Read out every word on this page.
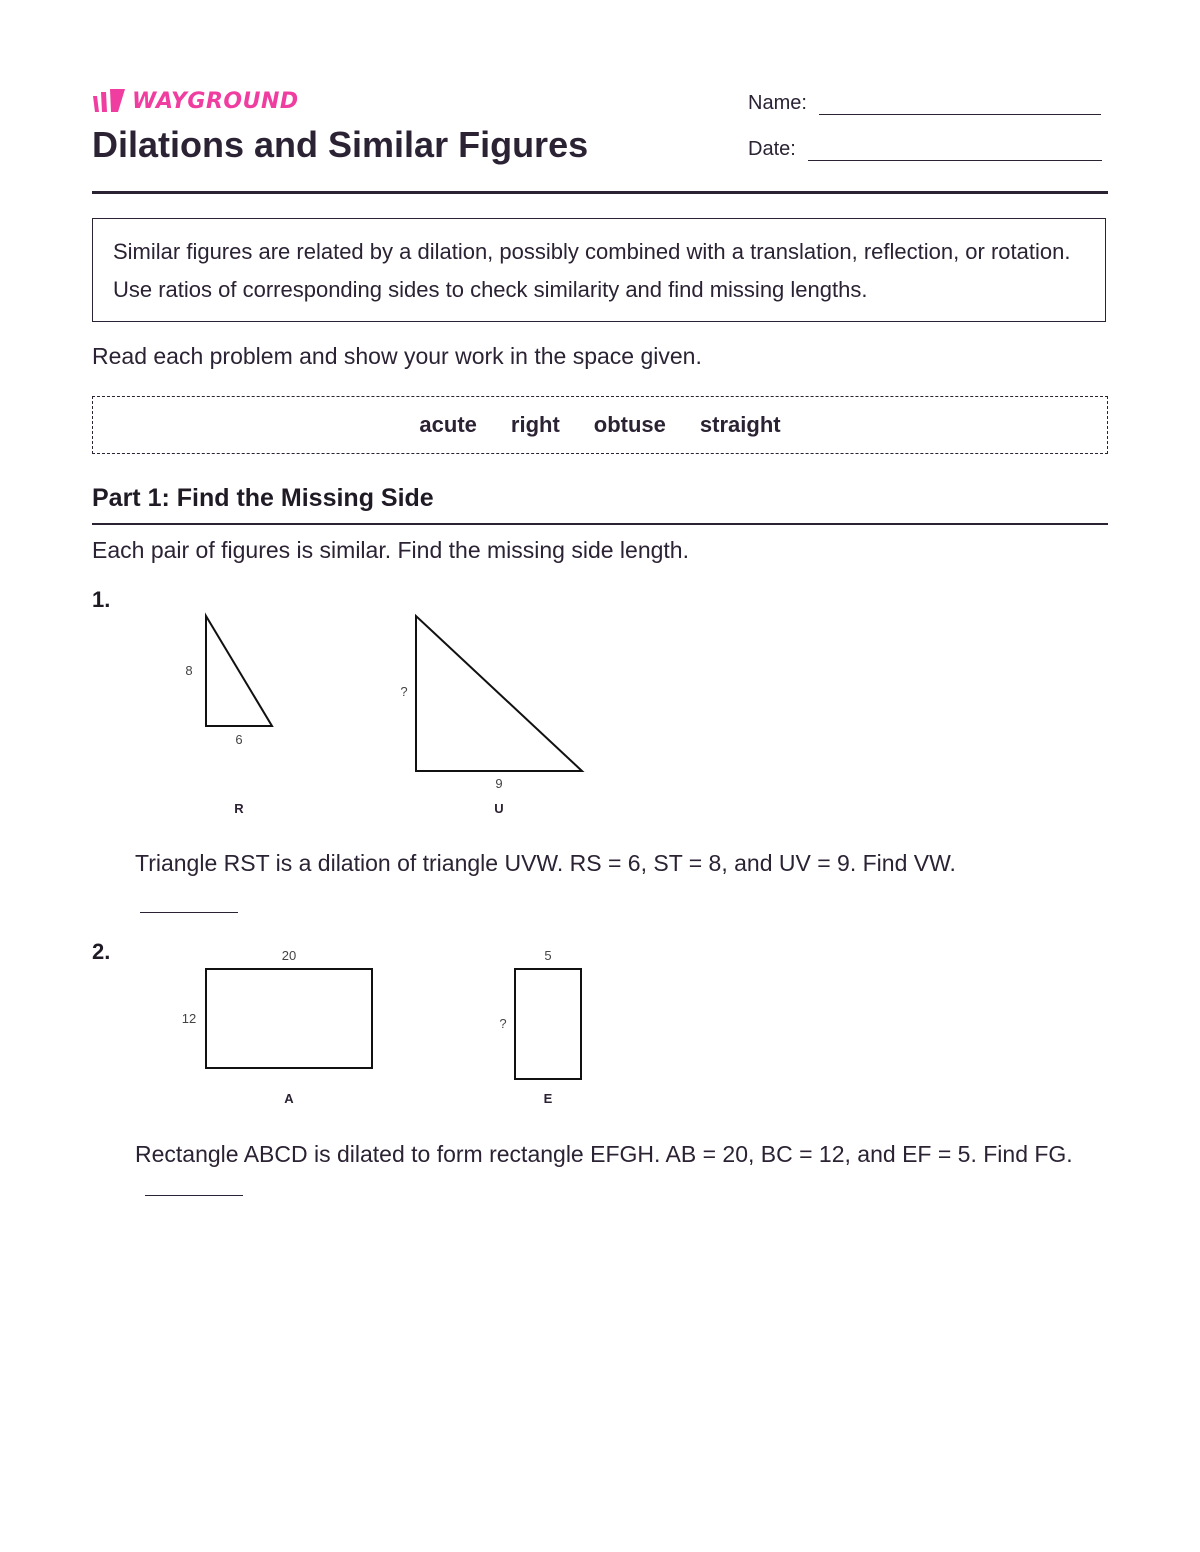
WAYGROUND
Dilations and Similar Figures
Name:
Date:
Similar figures are related by a dilation, possibly combined with a translation, reflection, or rotation. Use ratios of corresponding sides to check similarity and find missing lengths.
Read each problem and show your work in the space given.
acute right obtuse straight
Part 1: Find the Missing Side
Each pair of figures is similar. Find the missing side length.
1.
8
6
R
?
9
U
Triangle RST is a dilation of triangle UVW. RS = 6, ST = 8, and UV = 9. Find VW.
2.	20
12
A
5
?
E
Rectangle ABCD is dilated to form rectangle EFGH. AB = 20, BC = 12, and EF = 5. Find FG.
